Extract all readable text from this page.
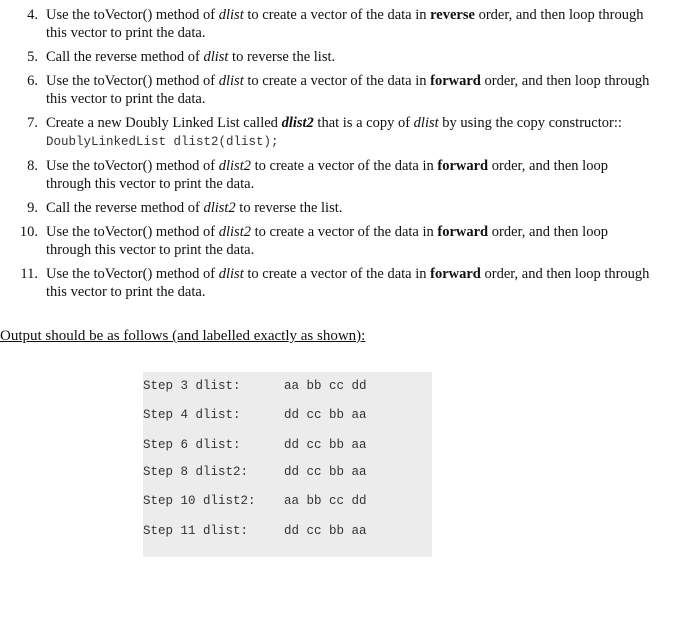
4. Use the toVector() method of dlist to create a vector of the data in reverse order, and then loop through this vector to print the data.
5. Call the reverse method of dlist to reverse the list.
6. Use the toVector() method of dlist to create a vector of the data in forward order, and then loop through this vector to print the data.
7. Create a new Doubly Linked List called dlist2 that is a copy of dlist by using the copy constructor:: DoublyLinkedList dlist2(dlist);
8. Use the toVector() method of dlist2 to create a vector of the data in forward order, and then loop through this vector to print the data.
9. Call the reverse method of dlist2 to reverse the list.
10. Use the toVector() method of dlist2 to create a vector of the data in forward order, and then loop through this vector to print the data.
11. Use the toVector() method of dlist to create a vector of the data in forward order, and then loop through this vector to print the data.
Output should be as follows (and labelled exactly as shown):
Step 3 dlist:	aa bb cc dd
Step 4 dlist:	dd cc bb aa
Step 6 dlist:	dd cc bb aa
Step 8 dlist2:	dd cc bb aa
Step 10 dlist2: aa bb cc dd
Step 11 dlist:	dd cc bb aa
